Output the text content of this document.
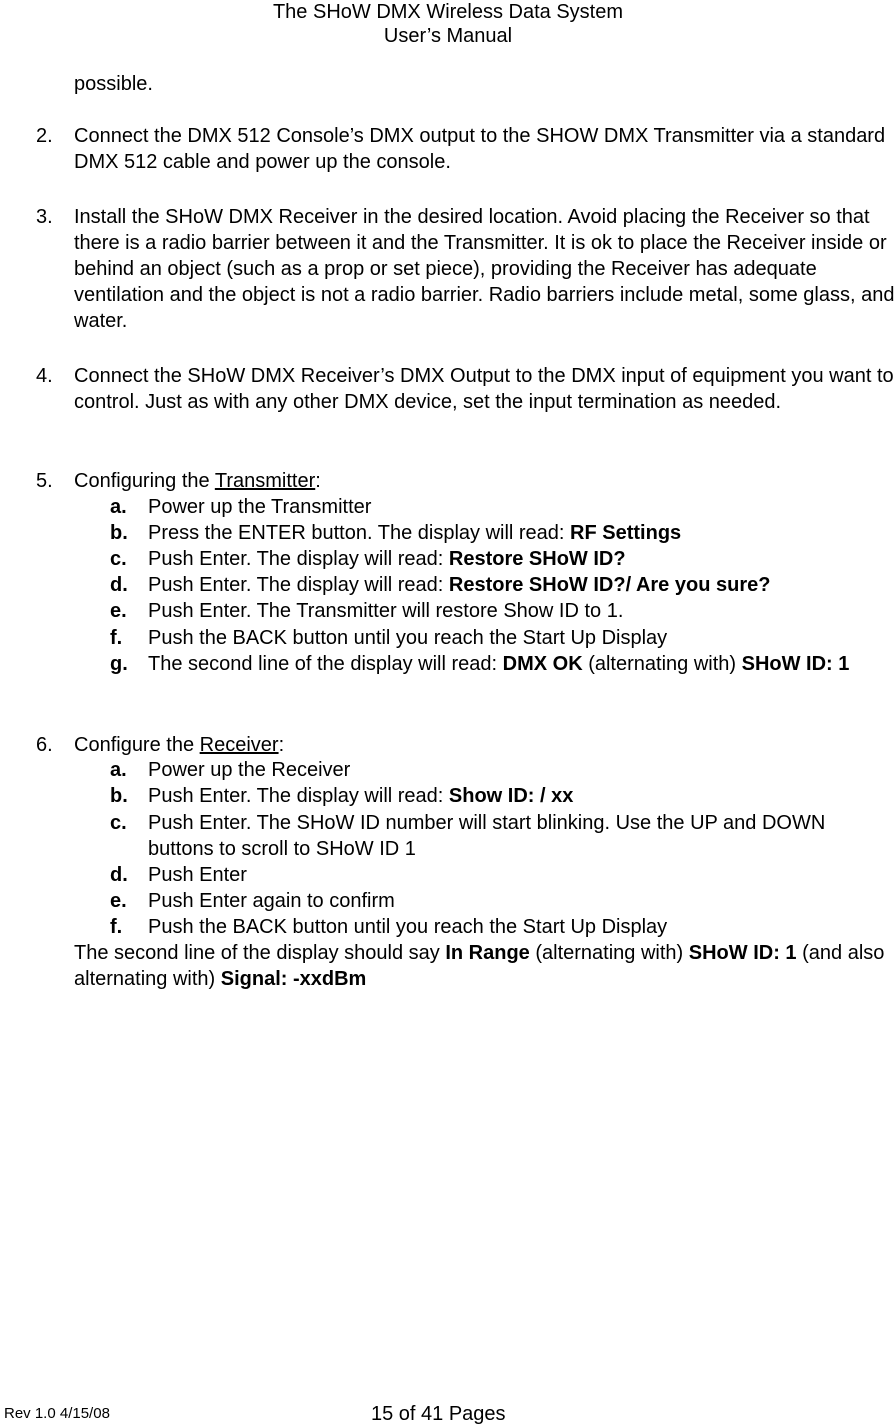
The SHoW DMX Wireless Data System
User’s Manual
possible.
2. Connect the DMX 512 Console’s DMX output to the SHOW DMX Transmitter via a standard DMX 512 cable and power up the console.
3. Install the SHoW DMX Receiver in the desired location. Avoid placing the Receiver so that there is a radio barrier between it and the Transmitter. It is ok to place the Receiver inside or behind an object (such as a prop or set piece), providing the Receiver has adequate ventilation and the object is not a radio barrier. Radio barriers include metal, some glass, and water.
4. Connect the SHoW DMX Receiver’s DMX Output to the DMX input of equipment you want to control. Just as with any other DMX device, set the input termination as needed.
5. Configuring the Transmitter:
a. Power up the Transmitter
b. Press the ENTER button. The display will read: RF Settings
c. Push Enter. The display will read: Restore SHoW ID?
d. Push Enter. The display will read: Restore SHoW ID?/ Are you sure?
e. Push Enter. The Transmitter will restore Show ID to 1.
f. Push the BACK button until you reach the Start Up Display
g. The second line of the display will read: DMX OK (alternating with) SHoW ID: 1
6. Configure the Receiver:
a. Power up the Receiver
b. Push Enter. The display will read: Show ID: / xx
c. Push Enter. The SHoW ID number will start blinking. Use the UP and DOWN buttons to scroll to SHoW ID 1
d. Push Enter
e. Push Enter again to confirm
f. Push the BACK button until you reach the Start Up Display
The second line of the display should say In Range (alternating with) SHoW ID: 1 (and also alternating with) Signal: -xxdBm
Rev 1.0 4/15/08	15 of 41 Pages
